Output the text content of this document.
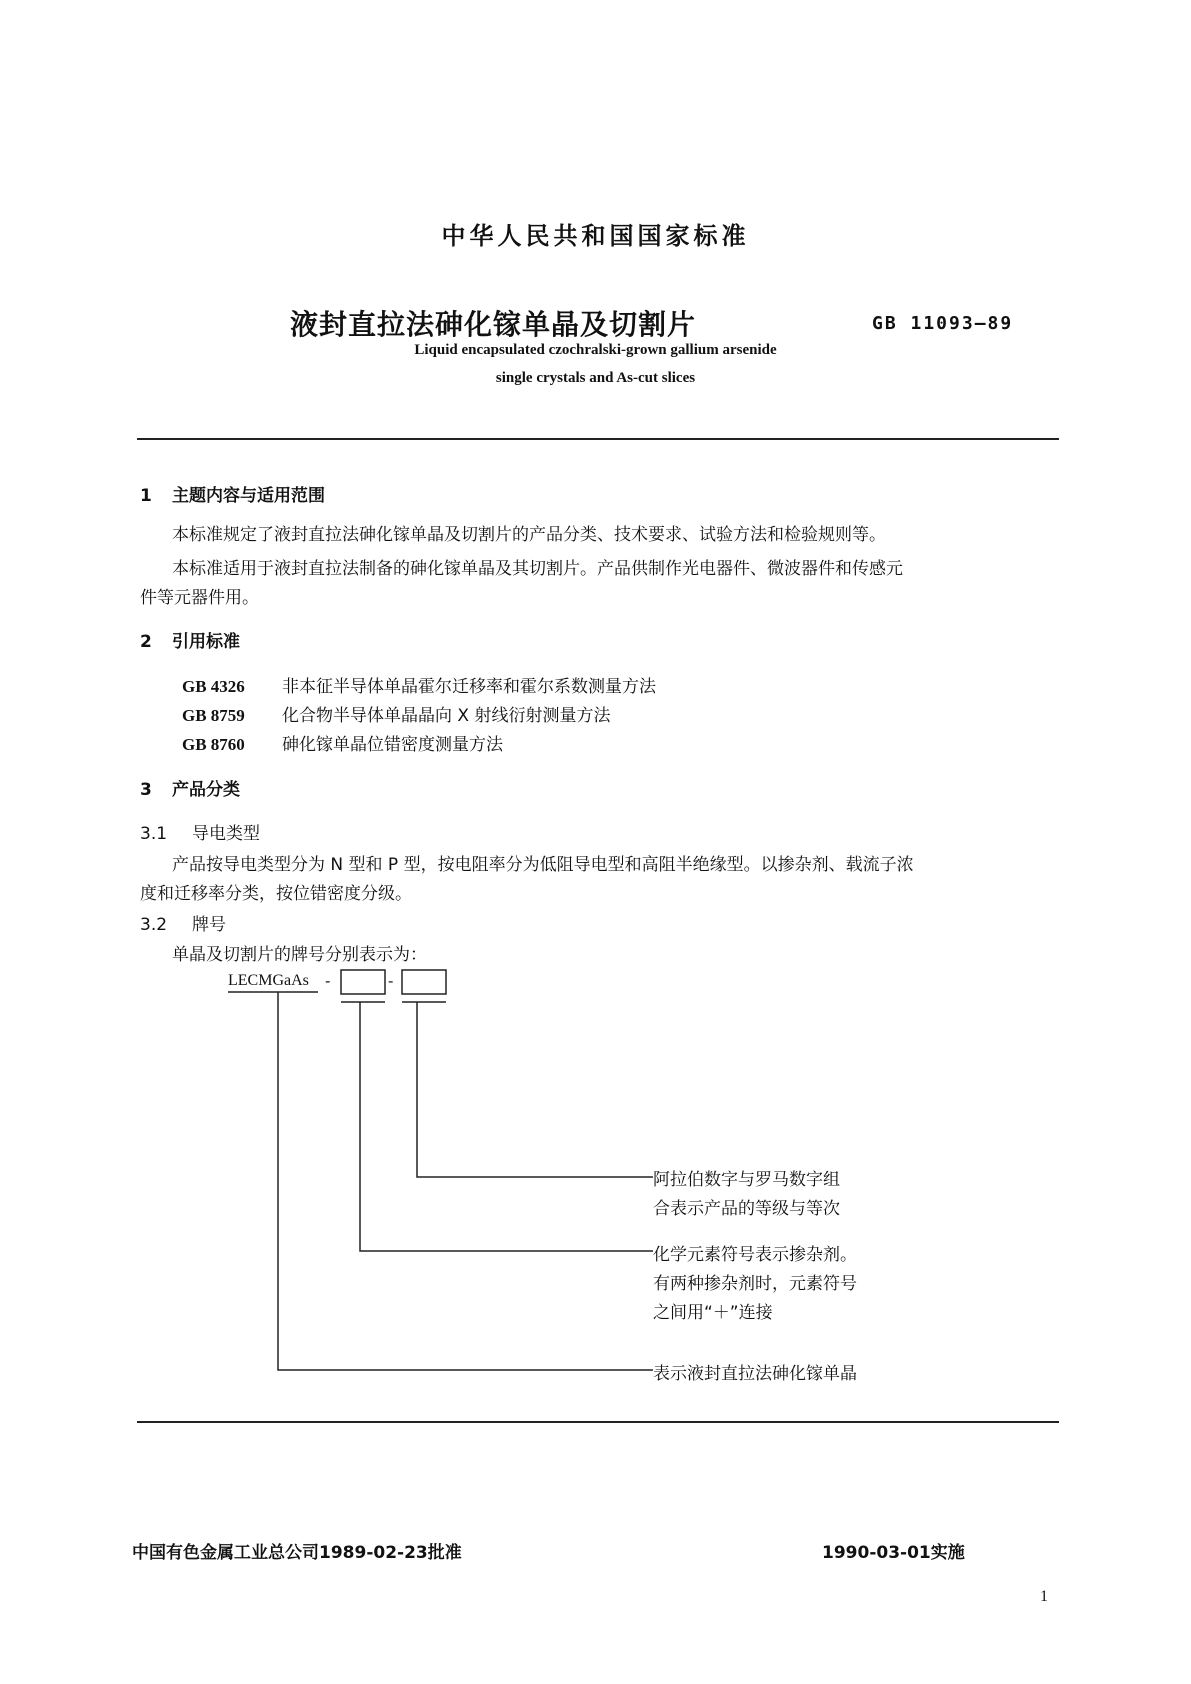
中华人民共和国国家标准
液封直拉法砷化镓单晶及切割片	GB 11093—89
Liquid encapsulated czochralski-grown gallium arsenide
single crystals and As-cut slices
1 主题内容与适用范围
本标准规定了液封直拉法砷化镓单晶及切割片的产品分类、技术要求、试验方法和检验规则等。
本标准适用于液封直拉法制备的砷化镓单晶及其切割片。产品供制作光电器件、微波器件和传感元
件等元器件用。
2 引用标准
GB 4326 非本征半导体单晶霍尔迁移率和霍尔系数测量方法
GB 8759 化合物半导体单晶晶向 X 射线衍射测量方法
GB 8760 砷化镓单晶位错密度测量方法
3 产品分类
3.1 导电类型
产品按导电类型分为 N 型和 P 型，按电阻率分为低阻导电型和高阻半绝缘型。以掺杂剂、载流子浓
度和迁移率分类，按位错密度分级。
3.2 牌号
单晶及切割片的牌号分别表示为：
LECMGaAs -	-
阿拉伯数字与罗马数字组
合表示产品的等级与等次
化学元素符号表示掺杂剂。
有两种掺杂剂时，元素符号
之间用“＋”连接
表示液封直拉法砷化镓单晶
中国有色金属工业总公司1989-02-23批准	1990-03-01实施
1
